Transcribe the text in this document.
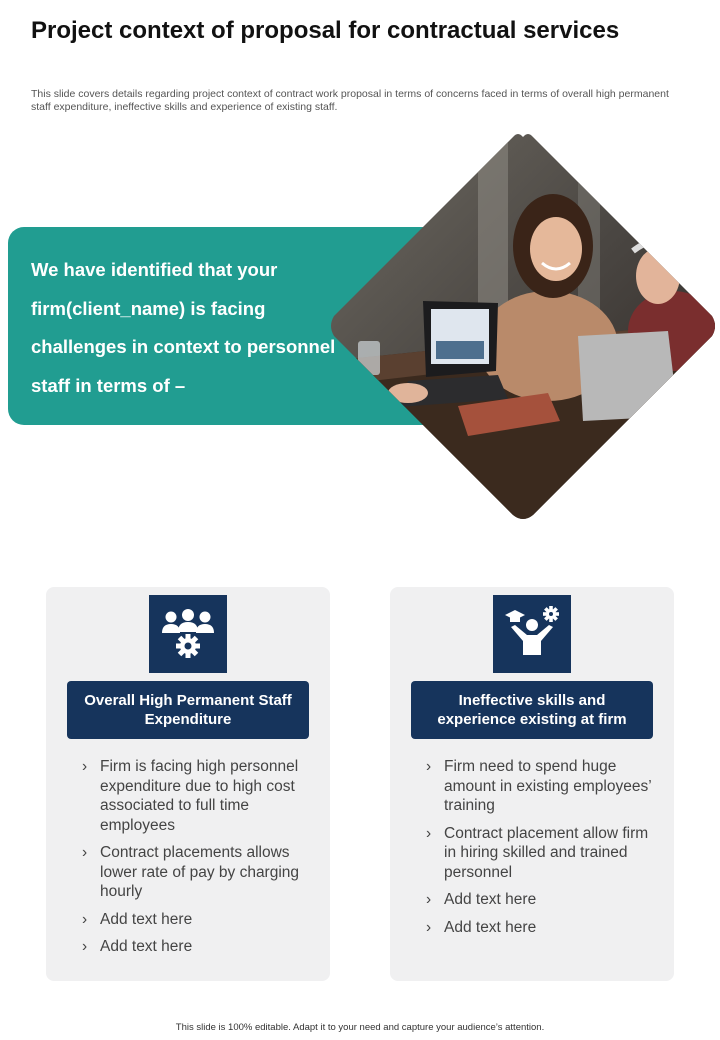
Project context of proposal for contractual services
This slide covers details regarding project context of contract work proposal in terms of concerns faced in terms of overall high permanent staff expenditure, ineffective skills and experience of existing staff.
We have identified that your firm(client_name) is facing challenges in context to personnel staff in terms of –
Overall High Permanent Staff Expenditure
› Firm is facing high personnel expenditure due to high cost associated to full time employees
› Contract placements allows lower rate of pay by charging hourly
› Add text here
› Add text here
Ineffective skills and experience existing at firm
› Firm need to spend huge amount in existing employees’ training
› Contract placement allow firm in hiring skilled and trained personnel
› Add text here
› Add text here
This slide is 100% editable. Adapt it to your need and capture your audience’s attention.
